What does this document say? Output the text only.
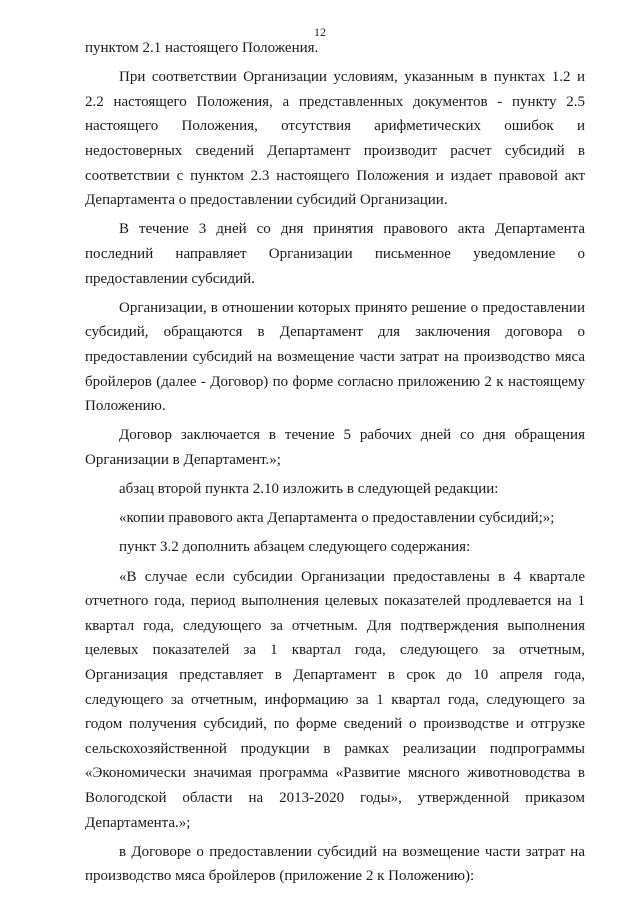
12

пунктом 2.1 настоящего Положения.

При соответствии Организации условиям, указанным в пунктах 1.2 и 2.2 настоящего Положения, а представленных документов - пункту 2.5 настоящего Положения, отсутствия арифметических ошибок и недостоверных сведений Департамент производит расчет субсидий в соответствии с пунктом 2.3 настоящего Положения и издает правовой акт Департамента о предоставлении субсидий Организации.

В течение 3 дней со дня принятия правового акта Департамента последний направляет Организации письменное уведомление о предоставлении субсидий.

Организации, в отношении которых принято решение о предоставлении субсидий, обращаются в Департамент для заключения договора о предоставлении субсидий на возмещение части затрат на производство мяса бройлеров (далее - Договор) по форме согласно приложению 2 к настоящему Положению.

Договор заключается в течение 5 рабочих дней со дня обращения Организации в Департамент.»;

абзац второй пункта 2.10 изложить в следующей редакции:

«копии правового акта Департамента о предоставлении субсидий;»;

пункт 3.2 дополнить абзацем следующего содержания:

«В случае если субсидии Организации предоставлены в 4 квартале отчетного года, период выполнения целевых показателей продлевается на 1 квартал года, следующего за отчетным. Для подтверждения выполнения целевых показателей за 1 квартал года, следующего за отчетным, Организация представляет в Департамент в срок до 10 апреля года, следующего за отчетным, информацию за 1 квартал года, следующего за годом получения субсидий, по форме сведений о производстве и отгрузке сельскохозяйственной продукции в рамках реализации подпрограммы «Экономически значимая программа «Развитие мясного животноводства в Вологодской области на 2013-2020 годы», утвержденной приказом Департамента.»;

в Договоре о предоставлении субсидий на возмещение части затрат на производство мяса бройлеров (приложение 2 к Положению):
